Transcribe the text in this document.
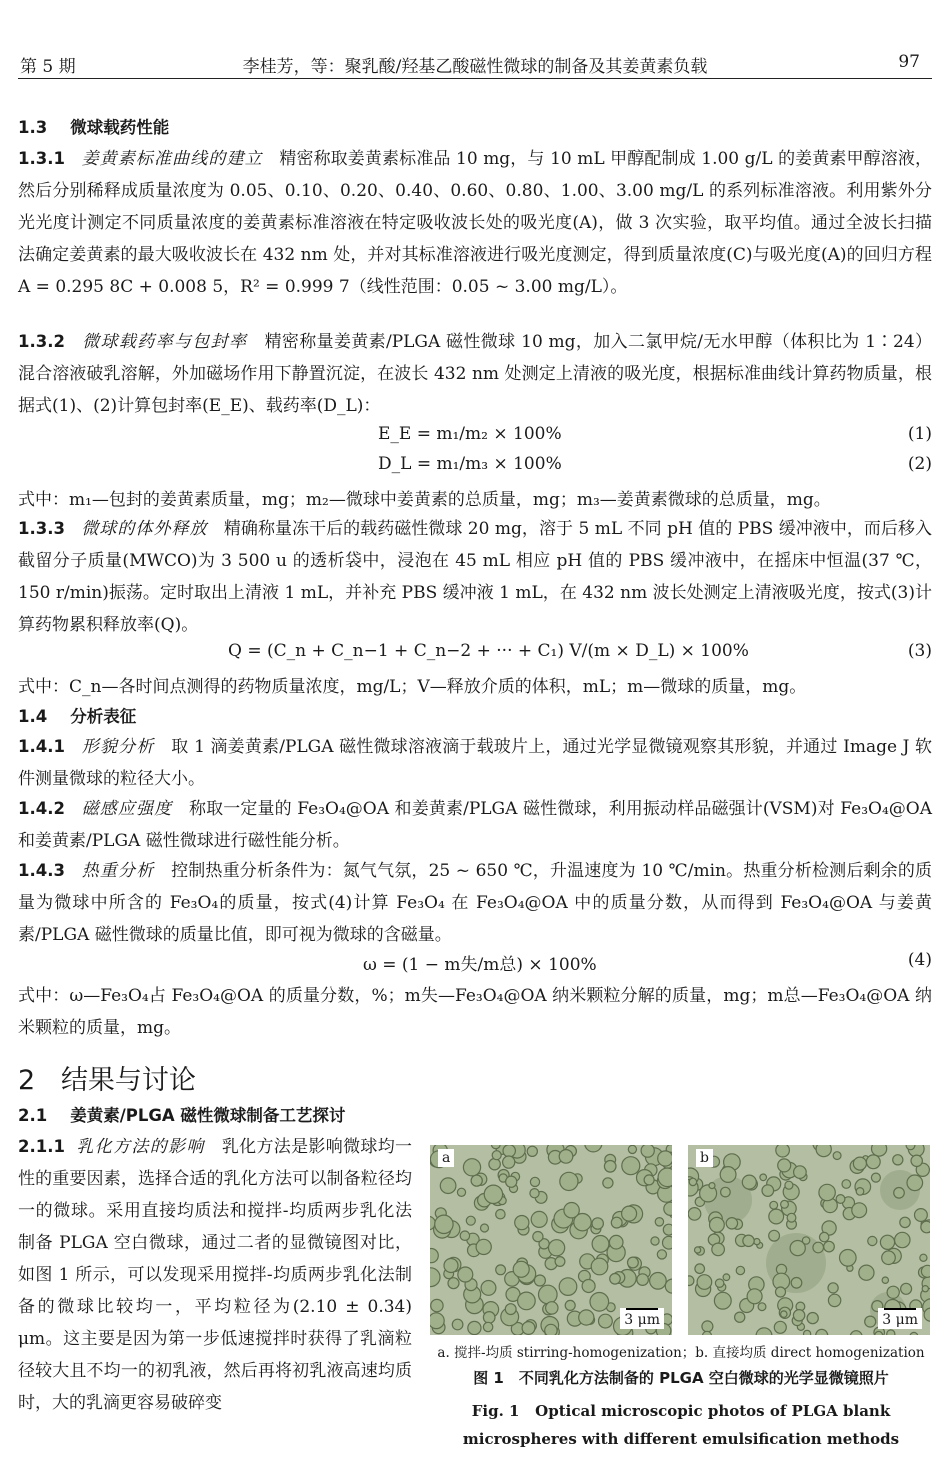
第 5 期	李桂芳，等：聚乳酸/羟基乙酸磁性微球的制备及其姜黄素负载	97
1.3 微球载药性能
1.3.1 姜黄素标准曲线的建立 精密称取姜黄素标准品 10 mg，与 10 mL 甲醇配制成 1.00 g/L 的姜黄素甲醇溶液，然后分别稀释成质量浓度为 0.05、0.10、0.20、0.40、0.60、0.80、1.00、3.00 mg/L 的系列标准溶液。利用紫外分光光度计测定不同质量浓度的姜黄素标准溶液在特定吸收波长处的吸光度(A)，做 3 次实验，取平均值。通过全波长扫描法确定姜黄素的最大吸收波长在 432 nm 处，并对其标准溶液进行吸光度测定，得到质量浓度(C)与吸光度(A)的回归方程 A = 0.295 8C + 0.008 5，R² = 0.999 7（线性范围：0.05 ~ 3.00 mg/L）。
1.3.2 微球载药率与包封率 精密称量姜黄素/PLGA 磁性微球 10 mg，加入二氯甲烷/无水甲醇（体积比为 1∶24）混合溶液破乳溶解，外加磁场作用下静置沉淀，在波长 432 nm 处测定上清液的吸光度，根据标准曲线计算药物质量，根据式(1)、(2)计算包封率(E_E)、载药率(D_L)：
E_E = m₁/m₂ × 100%	(1)
D_L = m₁/m₃ × 100%	(2)
式中：m₁—包封的姜黄素质量，mg；m₂—微球中姜黄素的总质量，mg；m₃—姜黄素微球的总质量，mg。
1.3.3 微球的体外释放 精确称量冻干后的载药磁性微球 20 mg，溶于 5 mL 不同 pH 值的 PBS 缓冲液中，而后移入截留分子质量(MWCO)为 3 500 u 的透析袋中，浸泡在 45 mL 相应 pH 值的 PBS 缓冲液中，在摇床中恒温(37 ℃，150 r/min)振荡。定时取出上清液 1 mL，并补充 PBS 缓冲液 1 mL，在 432 nm 波长处测定上清液吸光度，按式(3)计算药物累积释放率(Q)。
Q = (C_n + C_n−1 + C_n−2 + ··· + C₁) V/(m × D_L) × 100%	(3)
式中：C_n—各时间点测得的药物质量浓度，mg/L；V—释放介质的体积，mL；m—微球的质量，mg。
1.4 分析表征
1.4.1 形貌分析 取 1 滴姜黄素/PLGA 磁性微球溶液滴于载玻片上，通过光学显微镜观察其形貌，并通过 Image J 软件测量微球的粒径大小。
1.4.2 磁感应强度 称取一定量的 Fe₃O₄@OA 和姜黄素/PLGA 磁性微球，利用振动样品磁强计(VSM)对 Fe₃O₄@OA 和姜黄素/PLGA 磁性微球进行磁性能分析。
1.4.3 热重分析 控制热重分析条件为：氮气气氛，25 ~ 650 ℃，升温速度为 10 ℃/min。热重分析检测后剩余的质量为微球中所含的 Fe₃O₄的质量，按式(4)计算 Fe₃O₄ 在 Fe₃O₄@OA 中的质量分数，从而得到 Fe₃O₄@OA 与姜黄素/PLGA 磁性微球的质量比值，即可视为微球的含磁量。
ω = (1 − m失/m总) × 100%	(4)
式中：ω—Fe₃O₄占 Fe₃O₄@OA 的质量分数，%；m失—Fe₃O₄@OA 纳米颗粒分解的质量，mg；m总—Fe₃O₄@OA 纳米颗粒的质量，mg。
2 结果与讨论
2.1 姜黄素/PLGA 磁性微球制备工艺探讨
2.1.1 乳化方法的影响 乳化方法是影响微球均一性的重要因素，选择合适的乳化方法可以制备粒径均一的微球。采用直接均质法和搅拌-均质两步乳化法制备 PLGA 空白微球，通过二者的显微镜图对比，如图 1 所示，可以发现采用搅拌-均质两步乳化法制备的微球比较均一，平均粒径为(2.10 ± 0.34) μm。这主要是因为第一步低速搅拌时获得了乳滴粒径较大且不均一的初乳液，然后再将初乳液高速均质时，大的乳滴更容易破碎变
a
3 μm
b
3 μm
a. 搅拌-均质 stirring-homogenization；b. 直接均质 direct homogenization
图 1　不同乳化方法制备的 PLGA 空白微球的光学显微镜照片
Fig. 1 Optical microscopic photos of PLGA blank microspheres with different emulsification methods
